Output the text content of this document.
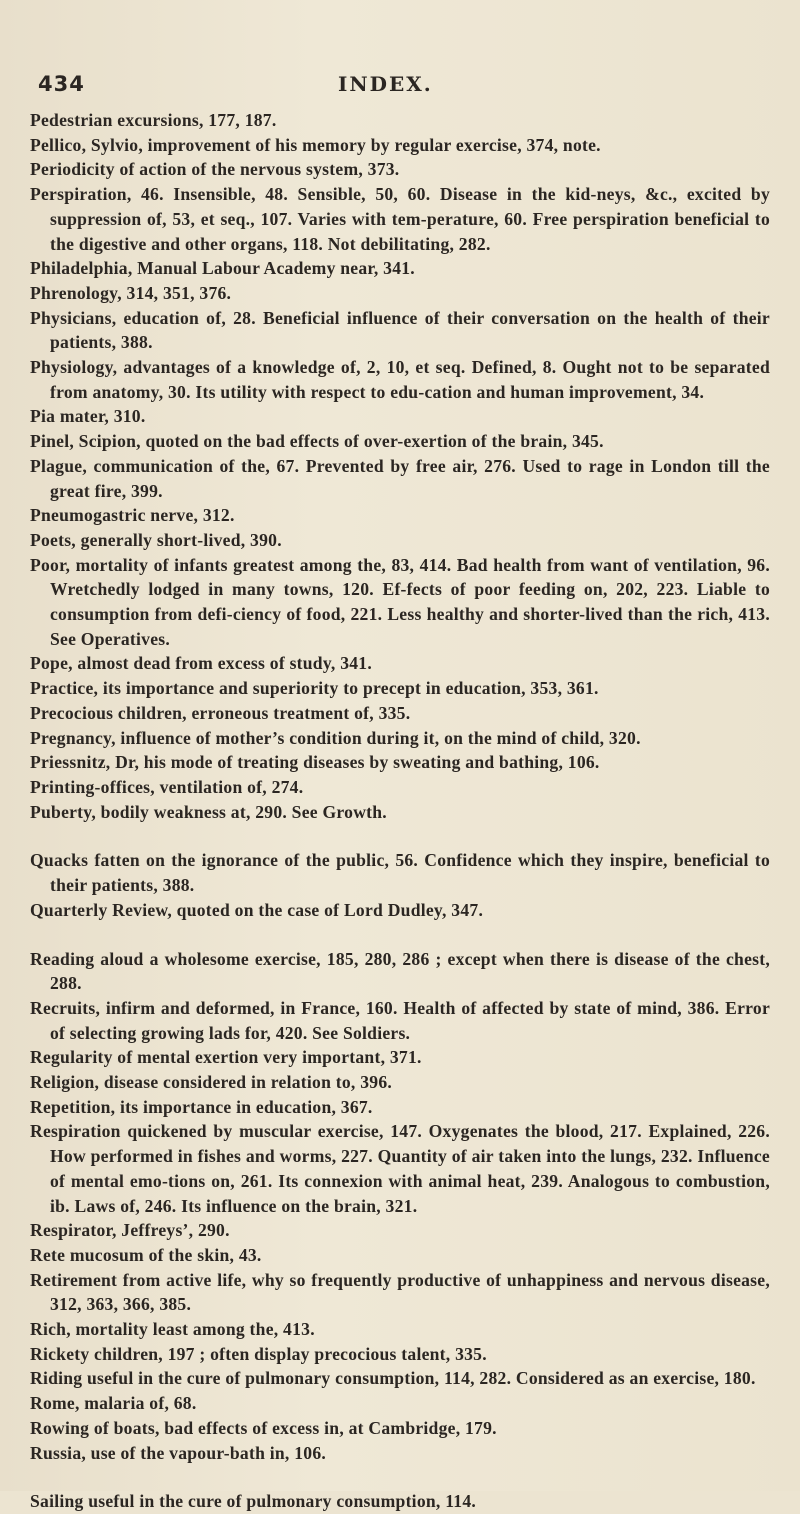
434	INDEX.
Pedestrian excursions, 177, 187.
Pellico, Sylvio, improvement of his memory by regular exercise, 374, note.
Periodicity of action of the nervous system, 373.
Perspiration, 46. Insensible, 48. Sensible, 50, 60. Disease in the kid-neys, &c., excited by suppression of, 53, et seq., 107. Varies with tem-perature, 60. Free perspiration beneficial to the digestive and other organs, 118. Not debilitating, 282.
Philadelphia, Manual Labour Academy near, 341.
Phrenology, 314, 351, 376.
Physicians, education of, 28. Beneficial influence of their conversation on the health of their patients, 388.
Physiology, advantages of a knowledge of, 2, 10, et seq. Defined, 8. Ought not to be separated from anatomy, 30. Its utility with respect to edu-cation and human improvement, 34.
Pia mater, 310.
Pinel, Scipion, quoted on the bad effects of over-exertion of the brain, 345.
Plague, communication of the, 67. Prevented by free air, 276. Used to rage in London till the great fire, 399.
Pneumogastric nerve, 312.
Poets, generally short-lived, 390.
Poor, mortality of infants greatest among the, 83, 414. Bad health from want of ventilation, 96. Wretchedly lodged in many towns, 120. Ef-fects of poor feeding on, 202, 223. Liable to consumption from defi-ciency of food, 221. Less healthy and shorter-lived than the rich, 413. See Operatives.
Pope, almost dead from excess of study, 341.
Practice, its importance and superiority to precept in education, 353, 361.
Precocious children, erroneous treatment of, 335.
Pregnancy, influence of mother’s condition during it, on the mind of child, 320.
Priessnitz, Dr, his mode of treating diseases by sweating and bathing, 106.
Printing-offices, ventilation of, 274.
Puberty, bodily weakness at, 290. See Growth.
Quacks fatten on the ignorance of the public, 56. Confidence which they inspire, beneficial to their patients, 388.
Quarterly Review, quoted on the case of Lord Dudley, 347.
Reading aloud a wholesome exercise, 185, 280, 286 ; except when there is disease of the chest, 288.
Recruits, infirm and deformed, in France, 160. Health of affected by state of mind, 386. Error of selecting growing lads for, 420. See Soldiers.
Regularity of mental exertion very important, 371.
Religion, disease considered in relation to, 396.
Repetition, its importance in education, 367.
Respiration quickened by muscular exercise, 147. Oxygenates the blood, 217. Explained, 226. How performed in fishes and worms, 227. Quantity of air taken into the lungs, 232. Influence of mental emo-tions on, 261. Its connexion with animal heat, 239. Analogous to combustion, ib. Laws of, 246. Its influence on the brain, 321.
Respirator, Jeffreys’, 290.
Rete mucosum of the skin, 43.
Retirement from active life, why so frequently productive of unhappiness and nervous disease, 312, 363, 366, 385.
Rich, mortality least among the, 413.
Rickety children, 197 ; often display precocious talent, 335.
Riding useful in the cure of pulmonary consumption, 114, 282. Considered as an exercise, 180.
Rome, malaria of, 68.
Rowing of boats, bad effects of excess in, at Cambridge, 179.
Russia, use of the vapour-bath in, 106.
Sailing useful in the cure of pulmonary consumption, 114.
